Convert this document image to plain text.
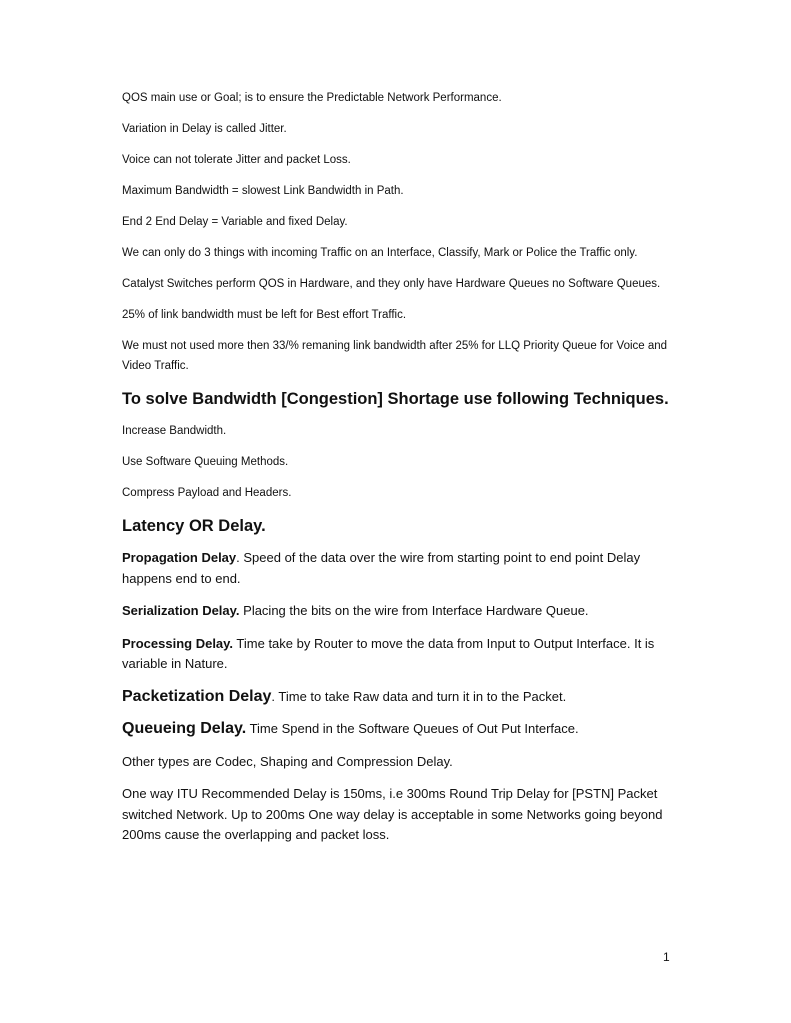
QOS main use or Goal; is to ensure the Predictable Network Performance.

Variation in Delay is called Jitter.

Voice can not tolerate Jitter and packet Loss.

Maximum Bandwidth = slowest Link Bandwidth in Path.

End 2 End Delay = Variable and fixed Delay.

We can only do 3 things with incoming Traffic on an Interface, Classify, Mark or Police the Traffic only.

Catalyst Switches perform QOS in Hardware, and they only have Hardware Queues no Software Queues.

25% of link bandwidth must be left for Best effort Traffic.

We must not used more then 33/% remaning link bandwidth after 25% for LLQ Priority Queue for Voice and Video Traffic.

To solve Bandwidth [Congestion] Shortage use following Techniques.

Increase Bandwidth.

Use Software Queuing Methods.

Compress Payload and Headers.

Latency OR Delay.

Propagation Delay. Speed of the data over the wire from starting point to end point Delay happens end to end.

Serialization Delay. Placing the bits on the wire from Interface Hardware Queue.

Processing Delay. Time take by Router to move the data from Input to Output Interface. It is variable in Nature.

Packetization Delay. Time to take Raw data and turn it in to the Packet.

Queueing Delay. Time Spend in the Software Queues of Out Put Interface.

Other types are Codec, Shaping and Compression Delay.

One way ITU Recommended Delay is 150ms, i.e 300ms Round Trip Delay for [PSTN] Packet switched Network. Up to 200ms One way delay is acceptable in some Networks going beyond 200ms cause the overlapping and packet loss.

1
